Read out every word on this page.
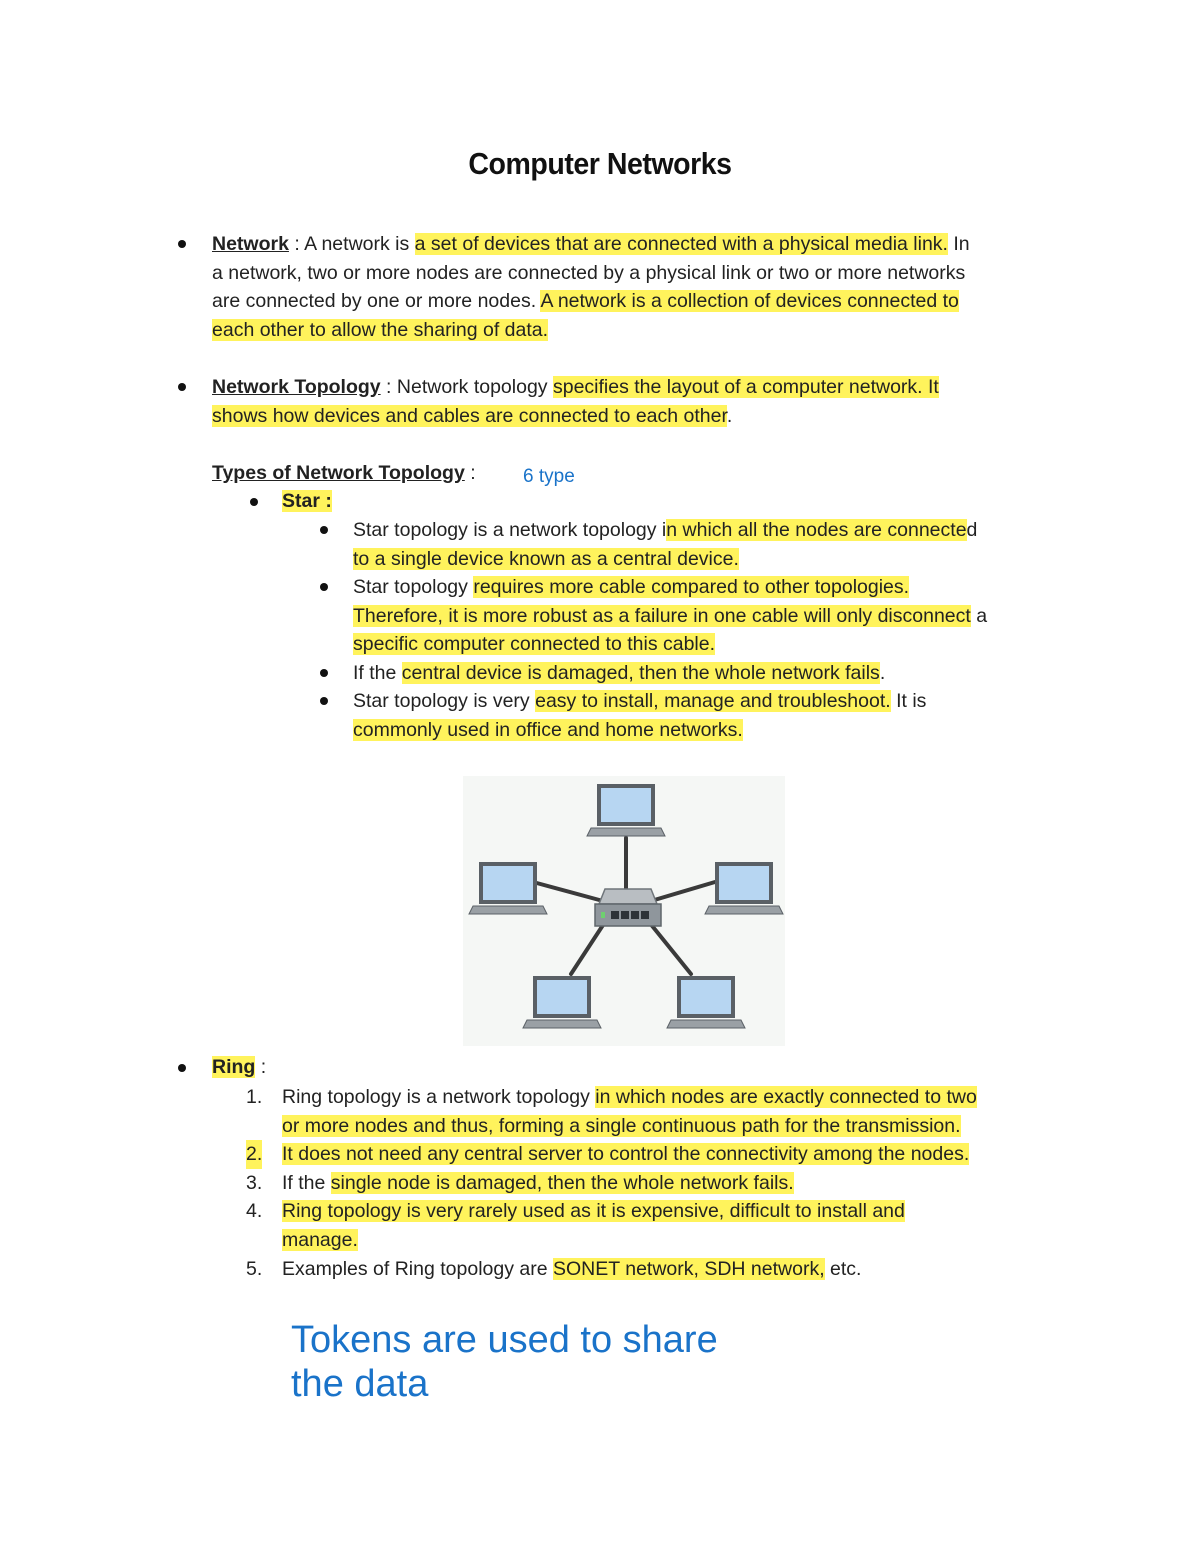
Computer Networks
Network : A network is a set of devices that are connected with a physical media link. In
a network, two or more nodes are connected by a physical link or two or more networks
are connected by one or more nodes. A network is a collection of devices connected to
each other to allow the sharing of data.
Network Topology : Network topology specifies the layout of a computer network. It
shows how devices and cables are connected to each other.
Types of Network Topology : 6 type
Star :
Star topology is a network topology in which all the nodes are connected
to a single device known as a central device.
Star topology requires more cable compared to other topologies.
Therefore, it is more robust as a failure in one cable will only disconnect a
specific computer connected to this cable.
If the central device is damaged, then the whole network fails.
Star topology is very easy to install, manage and troubleshoot. It is
commonly used in office and home networks.
Ring :
1. Ring topology is a network topology in which nodes are exactly connected to two
or more nodes and thus, forming a single continuous path for the transmission.
2. It does not need any central server to control the connectivity among the nodes.
3. If the single node is damaged, then the whole network fails.
4. Ring topology is very rarely used as it is expensive, difficult to install and
manage.
5. Examples of Ring topology are SONET network, SDH network, etc.
Tokens are used to share
the data
